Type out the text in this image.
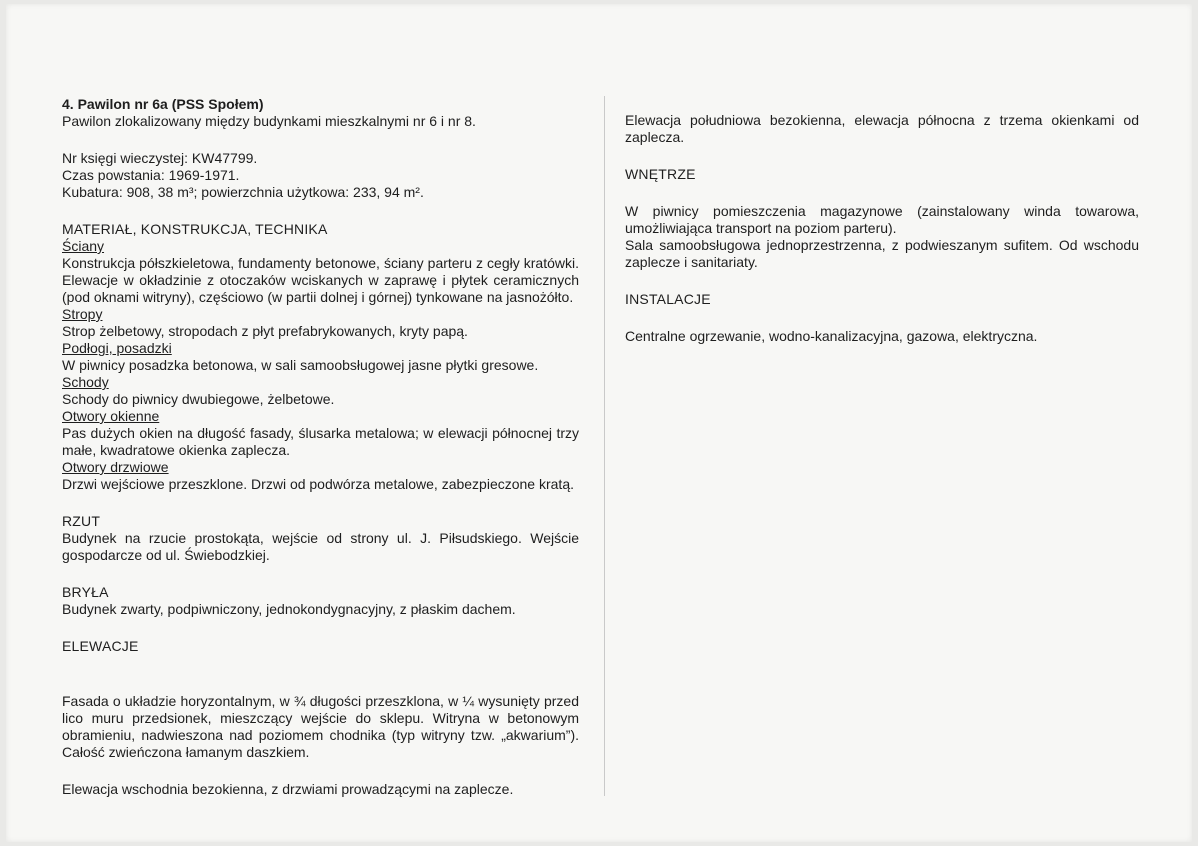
4. Pawilon nr 6a (PSS Społem)
Pawilon zlokalizowany między budynkami mieszkalnymi nr 6 i nr 8.
Nr księgi wieczystej: KW47799.
Czas powstania: 1969-1971.
Kubatura: 908, 38 m³; powierzchnia użytkowa: 233, 94 m².
MATERIAŁ, KONSTRUKCJA, TECHNIKA
Ściany
Konstrukcja półszkieletowa, fundamenty betonowe, ściany parteru z cegły kratówki. Elewacje w okładzinie z otoczaków wciskanych w zaprawę i płytek ceramicznych (pod oknami witryny), częściowo (w partii dolnej i górnej) tynkowane na jasnożółto.
Stropy
Strop żelbetowy, stropodach z płyt prefabrykowanych, kryty papą.
Podłogi, posadzki
W piwnicy posadzka betonowa, w sali samoobsługowej jasne płytki gresowe.
Schody
Schody do piwnicy dwubiegowe, żelbetowe.
Otwory okienne
Pas dużych okien na długość fasady, ślusarka metalowa; w elewacji północnej trzy małe, kwadratowe okienka zaplecza.
Otwory drzwiowe
Drzwi wejściowe przeszklone. Drzwi od podwórza metalowe, zabezpieczone kratą.
RZUT
Budynek na rzucie prostokąta, wejście od strony ul. J. Piłsudskiego. Wejście gospodarcze od ul. Świebodzkiej.
BRYŁA
Budynek zwarty, podpiwniczony, jednokondygnacyjny, z płaskim dachem.
ELEWACJE
Fasada o układzie horyzontalnym, w ¾ długości przeszklona, w ¼ wysunięty przed lico muru przedsionek, mieszczący wejście do sklepu. Witryna w betonowym obramieniu, nadwieszona nad poziomem chodnika (typ witryny tzw. „akwarium”). Całość zwieńczona łamanym daszkiem.
Elewacja wschodnia bezokienna, z drzwiami prowadzącymi na zaplecze.
Elewacja południowa bezokienna, elewacja północna z trzema okienkami od zaplecza.
WNĘTRZE
W piwnicy pomieszczenia magazynowe (zainstalowany winda towarowa, umożliwiająca transport na poziom parteru).
Sala samoobsługowa jednoprzestrzenna, z podwieszanym sufitem. Od wschodu zaplecze i sanitariaty.
INSTALACJE
Centralne ogrzewanie, wodno-kanalizacyjna, gazowa, elektryczna.
